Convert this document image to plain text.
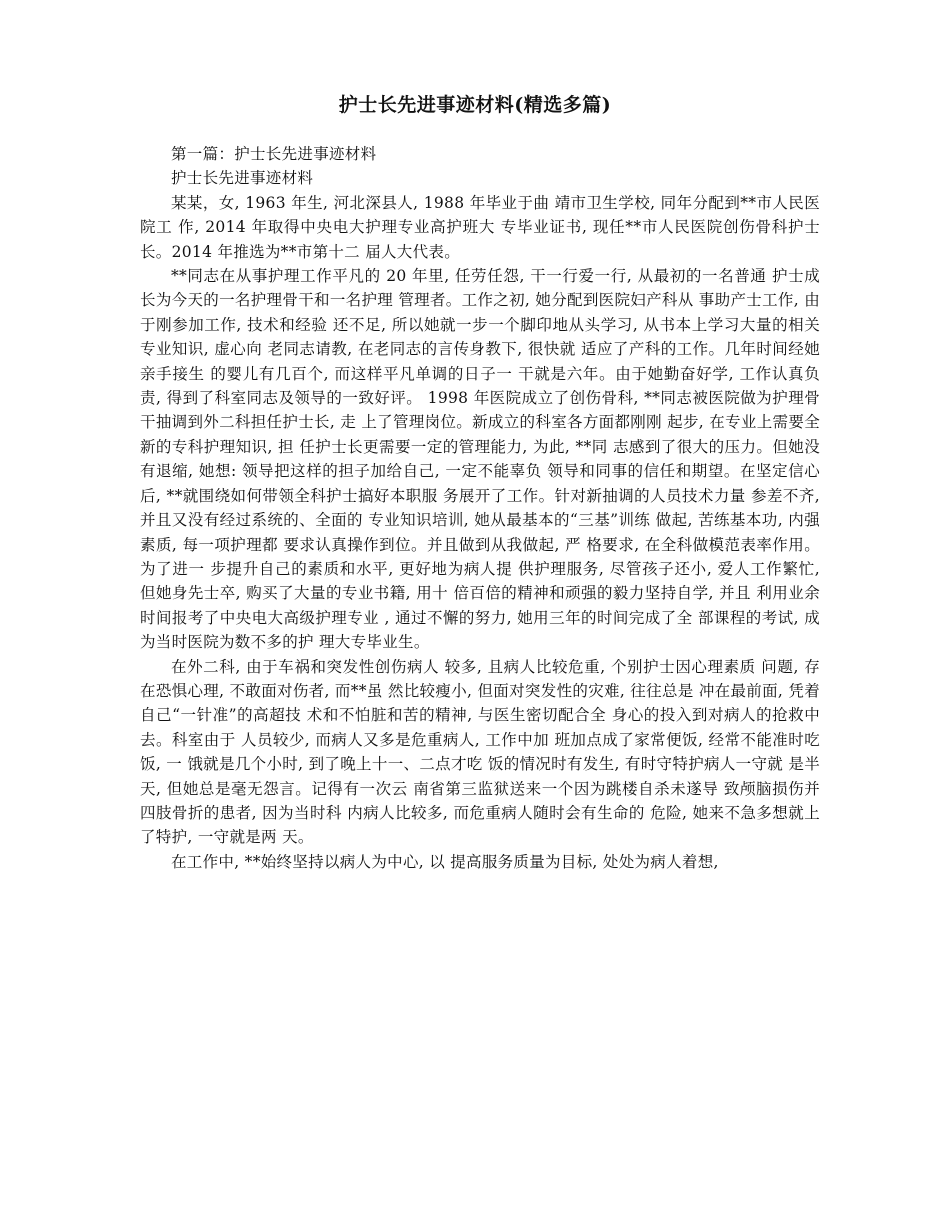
护士长先进事迹材料(精选多篇)

第一篇：护士长先进事迹材料

护士长先进事迹材料

某某，女, 1963 年生, 河北深县人, 1988 年毕业于曲 靖市卫生学校, 同年分配到**市人民医院工 作, 2014 年取得中央电大护理专业高护班大 专毕业证书, 现任**市人民医院创伤骨科护士长。2014 年推选为**市第十二 届人大代表。

**同志在从事护理工作平凡的 20 年里, 任劳任怨, 干一行爱一行, 从最初的一名普通 护士成长为今天的一名护理骨干和一名护理 管理者。工作之初, 她分配到医院妇产科从 事助产士工作, 由于刚参加工作, 技术和经验 还不足, 所以她就一步一个脚印地从头学习, 从书本上学习大量的相关专业知识, 虚心向 老同志请教, 在老同志的言传身教下, 很快就 适应了产科的工作。几年时间经她亲手接生 的婴儿有几百个, 而这样平凡单调的日子一 干就是六年。由于她勤奋好学, 工作认真负 责, 得到了科室同志及领导的一致好评。 1998 年医院成立了创伤骨科, **同志被医院做为护理骨干抽调到外二科担任护士长, 走 上了管理岗位。新成立的科室各方面都刚刚 起步, 在专业上需要全新的专科护理知识, 担 任护士长更需要一定的管理能力, 为此, **同 志感到了很大的压力。但她没有退缩, 她想: 领导把这样的担子加给自己, 一定不能辜负 领导和同事的信任和期望。在坚定信心 后, **就围绕如何带领全科护士搞好本职服 务展开了工作。针对新抽调的人员技术力量 参差不齐, 并且又没有经过系统的、全面的 专业知识培训, 她从最基本的“三基”训练 做起, 苦练基本功, 内强素质, 每一项护理都 要求认真操作到位。并且做到从我做起, 严 格要求, 在全科做模范表率作用。为了进一 步提升自己的素质和水平, 更好地为病人提 供护理服务, 尽管孩子还小, 爱人工作繁忙, 但她身先士卒, 购买了大量的专业书籍, 用十 倍百倍的精神和顽强的毅力坚持自学, 并且 利用业余时间报考了中央电大高级护理专业 , 通过不懈的努力, 她用三年的时间完成了全 部课程的考试, 成为当时医院为数不多的护 理大专毕业生。

在外二科, 由于车祸和突发性创伤病人 较多, 且病人比较危重, 个别护士因心理素质 问题, 存在恐惧心理, 不敢面对伤者, 而**虽 然比较瘦小, 但面对突发性的灾难, 往往总是 冲在最前面, 凭着自己“一针准”的高超技 术和不怕脏和苦的精神, 与医生密切配合全 身心的投入到对病人的抢救中去。科室由于 人员较少, 而病人又多是危重病人, 工作中加 班加点成了家常便饭, 经常不能准时吃饭, 一 饿就是几个小时, 到了晚上十一、二点才吃 饭的情况时有发生, 有时守特护病人一守就 是半天, 但她总是毫无怨言。记得有一次云 南省第三监狱送来一个因为跳楼自杀未遂导 致颅脑损伤并四肢骨折的患者, 因为当时科 内病人比较多, 而危重病人随时会有生命的 危险, 她来不急多想就上了特护, 一守就是两 天。

在工作中, **始终坚持以病人为中心, 以 提高服务质量为目标, 处处为病人着想,
